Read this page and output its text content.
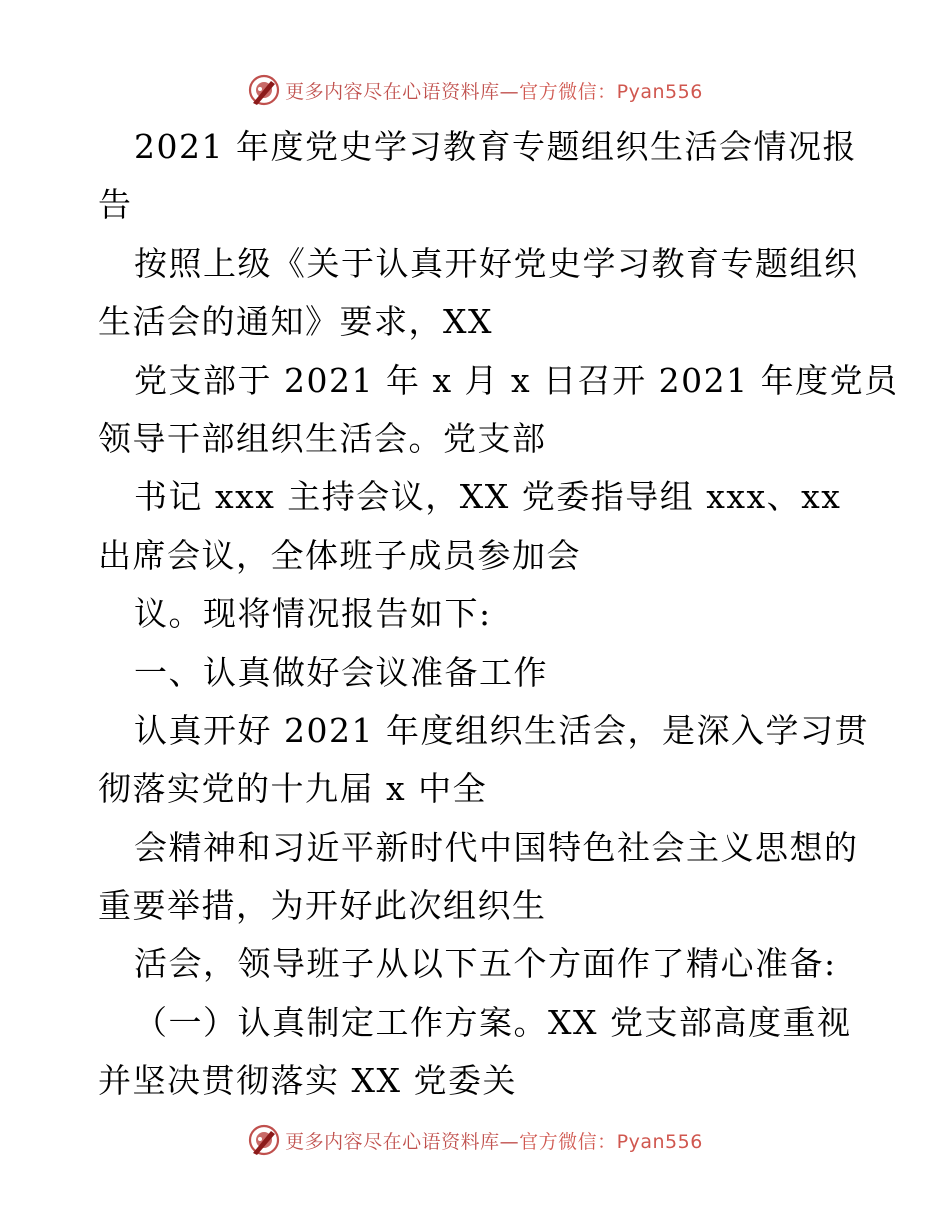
更多内容尽在心语资料库—官方微信：Pyan556
2021 年度党史学习教育专题组织生活会情况报
告
按照上级《关于认真开好党史学习教育专题组织
生活会的通知》要求，XX
党支部于 2021 年 x 月 x 日召开 2021 年度党员
领导干部组织生活会。党支部
书记 xxx 主持会议，XX 党委指导组 xxx、xx
出席会议，全体班子成员参加会
议。现将情况报告如下:
一、认真做好会议准备工作
认真开好 2021 年度组织生活会，是深入学习贯
彻落实党的十九届 x 中全
会精神和习近平新时代中国特色社会主义思想的
重要举措，为开好此次组织生
活会，领导班子从以下五个方面作了精心准备:
（一）认真制定工作方案。XX 党支部高度重视
并坚决贯彻落实 XX 党委关
更多内容尽在心语资料库—官方微信：Pyan556
